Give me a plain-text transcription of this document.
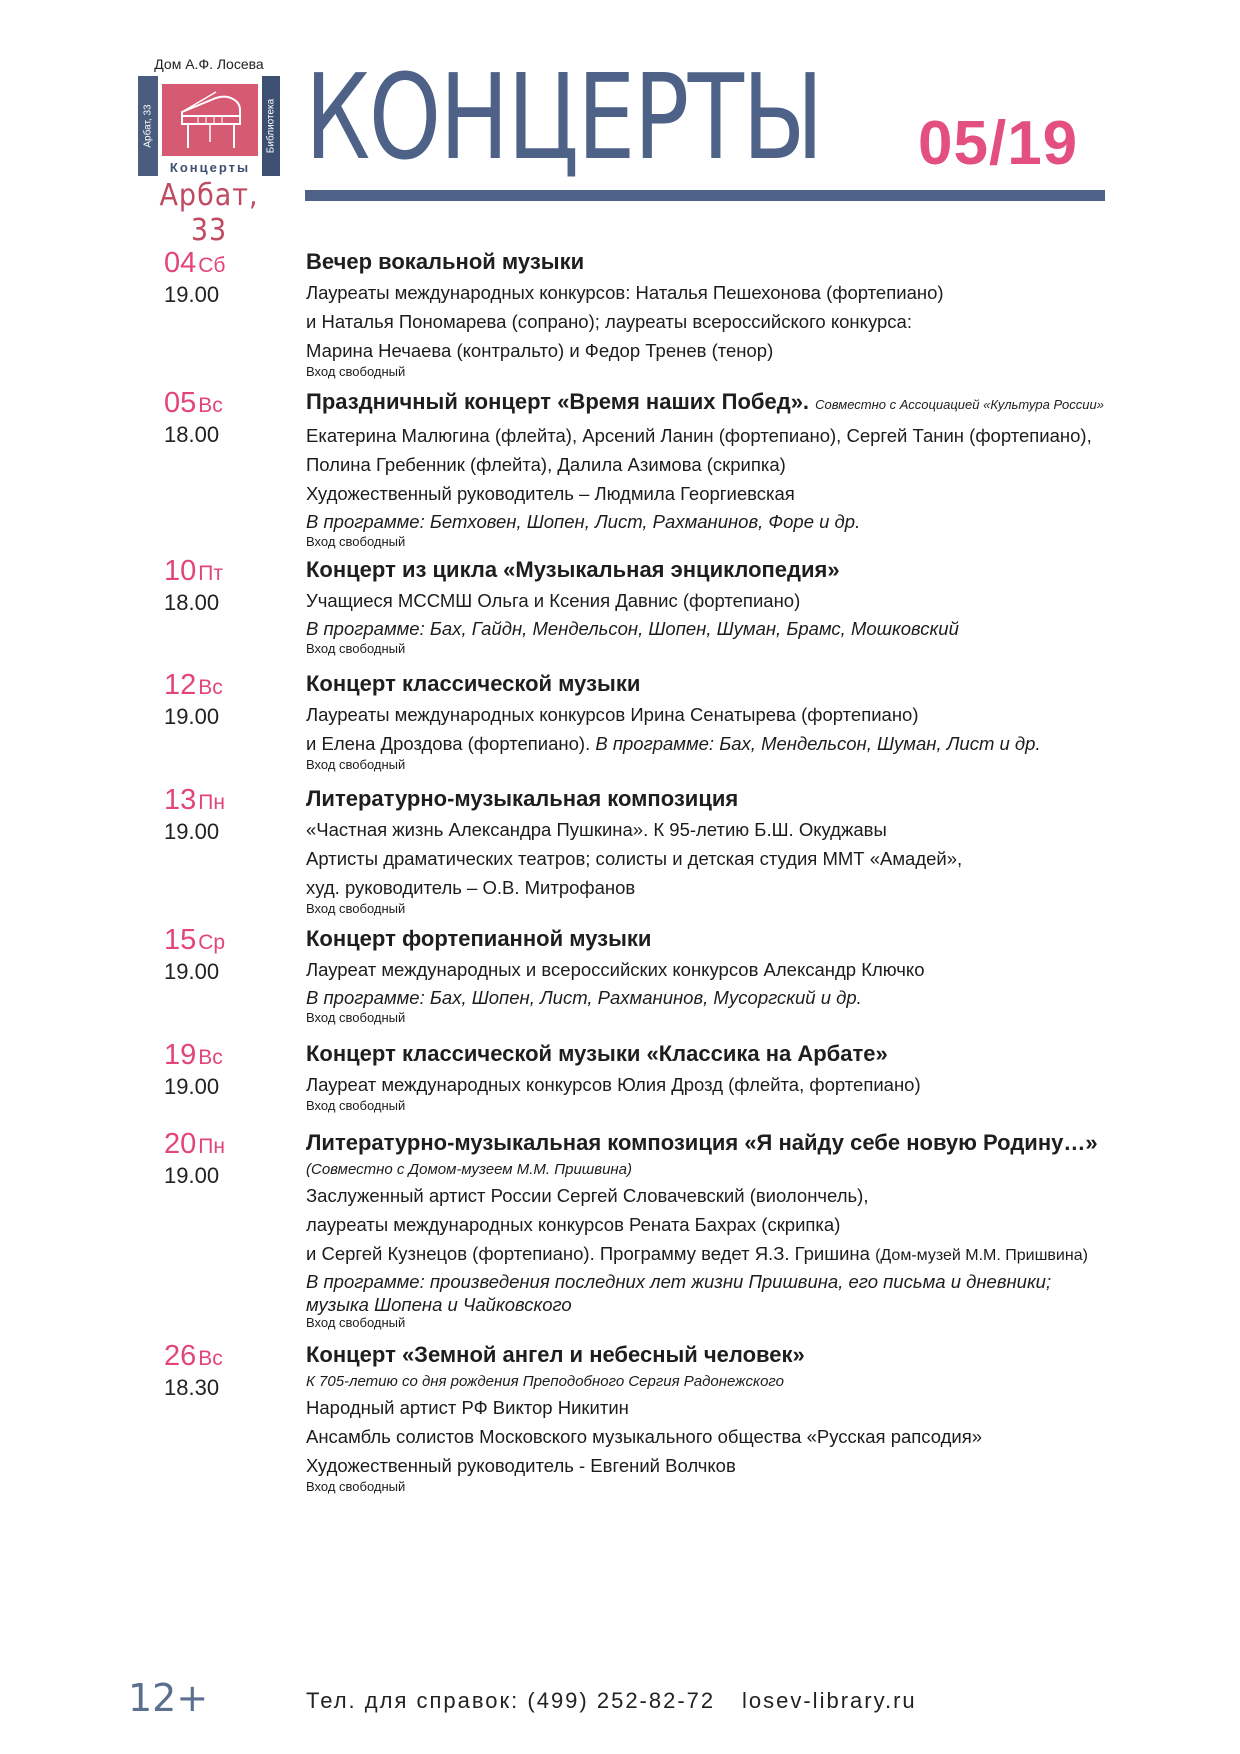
Дом А.Ф. Лосева
Арбат, 33
Концерты
Библиотека
Арбат, 33
КОНЦЕРТЫ 05/19
04Сб
19.00
Вечер вокальной музыки
Лауреаты международных конкурсов: Наталья Пешехонова (фортепиано)
и Наталья Пономарева (сопрано); лауреаты всероссийского конкурса:
Марина Нечаева (контральто) и Федор Тренев (тенор)
Вход свободный
05Вс
18.00
Праздничный концерт «Время наших Побед». Совместно с Ассоциацией «Культура России»
Екатерина Малюгина (флейта), Арсений Ланин (фортепиано), Сергей Танин (фортепиано),
Полина Гребенник (флейта), Далила Азимова (скрипка)
Художественный руководитель – Людмила Георгиевская
В программе: Бетховен, Шопен, Лист, Рахманинов, Форе и др.
Вход свободный
10Пт
18.00
Концерт из цикла «Музыкальная энциклопедия»
Учащиеся МССМШ Ольга и Ксения Давнис (фортепиано)
В программе: Бах, Гайдн, Мендельсон, Шопен, Шуман, Брамс, Мошковский
Вход свободный
12Вс
19.00
Концерт классической музыки
Лауреаты международных конкурсов Ирина Сенатырева (фортепиано)
и Елена Дроздова (фортепиано). В программе: Бах, Мендельсон, Шуман, Лист и др.
Вход свободный
13Пн
19.00
Литературно-музыкальная композиция
«Частная жизнь Александра Пушкина». К 95-летию Б.Ш. Окуджавы
Артисты драматических театров; солисты и детская студия ММТ «Амадей»,
худ. руководитель – О.В. Митрофанов
Вход свободный
15Ср
19.00
Концерт фортепианной музыки
Лауреат международных и всероссийских конкурсов Александр Ключко
В программе: Бах, Шопен, Лист, Рахманинов, Мусоргский и др.
Вход свободный
19Вс
19.00
Концерт классической музыки «Классика на Арбате»
Лауреат международных конкурсов Юлия Дрозд (флейта, фортепиано)
Вход свободный
20Пн
19.00
Литературно-музыкальная композиция «Я найду себе новую Родину…»
(Совместно с Домом-музеем М.М. Пришвина)
Заслуженный артист России Сергей Словачевский (виолончель),
лауреаты международных конкурсов Рената Бахрах (скрипка)
и Сергей Кузнецов (фортепиано). Программу ведет Я.З. Гришина (Дом-музей М.М. Пришвина)
В программе: произведения последних лет жизни Пришвина, его письма и дневники;
музыка Шопена и Чайковского
Вход свободный
26Вс
18.30
Концерт «Земной ангел и небесный человек»
К 705-летию со дня рождения Преподобного Сергия Радонежского
Народный артист РФ Виктор Никитин
Ансамбль солистов Московского музыкального общества «Русская рапсодия»
Художественный руководитель - Евгений Волчков
Вход свободный
12+	Тел. для справок: (499) 252-82-72 losev-library.ru
